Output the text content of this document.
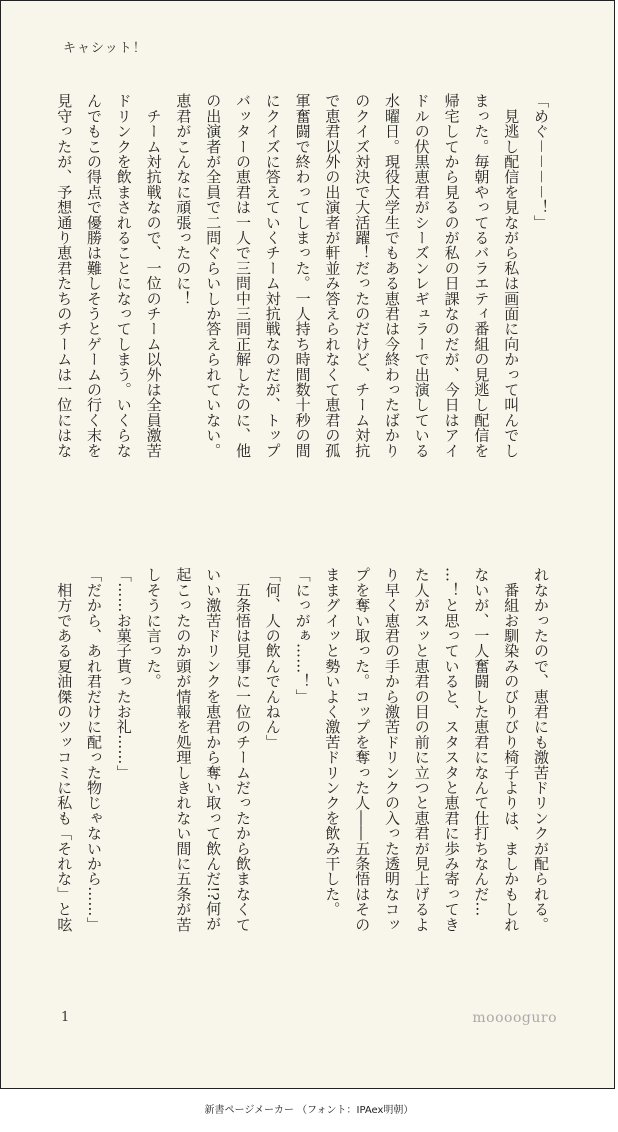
キャシット！
「めぐ－－－－！」
　見逃し配信を見ながら私は画面に向かって叫んでし
まった。毎朝やってるバラエティ番組の見逃し配信を
帰宅してから見るのが私の日課なのだが、今日はアイ
ドルの伏黒恵君がシーズンレギュラーで出演している
水曜日。現役大学生でもある恵君は今終わったばかり
のクイズ対決で大活躍！だったのだけど、チーム対抗
で恵君以外の出演者が軒並み答えられなくて恵君の孤
軍奮闘で終わってしまった。一人持ち時間数十秒の間
にクイズに答えていくチーム対抗戦なのだが、トップ
バッターの恵君は一人で三問中三問正解したのに、他
の出演者が全員で二問ぐらいしか答えられていない。
恵君がこんなに頑張ったのに！
　チーム対抗戦なので、一位のチーム以外は全員激苦
ドリンクを飲まされることになってしまう。いくらな
んでもこの得点で優勝は難しそうとゲームの行く末を
見守ったが、予想通り恵君たちのチームは一位にはな
れなかったので、恵君にも激苦ドリンクが配られる。
　番組お馴染みのびりびり椅子よりは、ましかもしれ
ないが、一人奮闘した恵君になんて仕打ちなんだ…
…！と思っていると、スタスタと恵君に歩み寄ってき
た人がスッと恵君の目の前に立つと恵君が見上げるよ
り早く恵君の手から激苦ドリンクの入った透明なコッ
プを奪い取った。コップを奪った人――五条悟はその
ままグイッと勢いよく激苦ドリンクを飲み干した。
「にっがぁ……！」
「何、人の飲んでんねん」
　五条悟は見事に一位のチームだったから飲まなくて
いい激苦ドリンクを恵君から奪い取って飲んだ!?何が
起こったのか頭が情報を処理しきれない間に五条が苦
しそうに言った。
「……お菓子貰ったお礼……」
「だから、あれ君だけに配った物じゃないから……」
　相方である夏油傑のツッコミに私も「それな」と呟
1	mooooguro
新書ページメーカー （フォント：IPAex明朝）
